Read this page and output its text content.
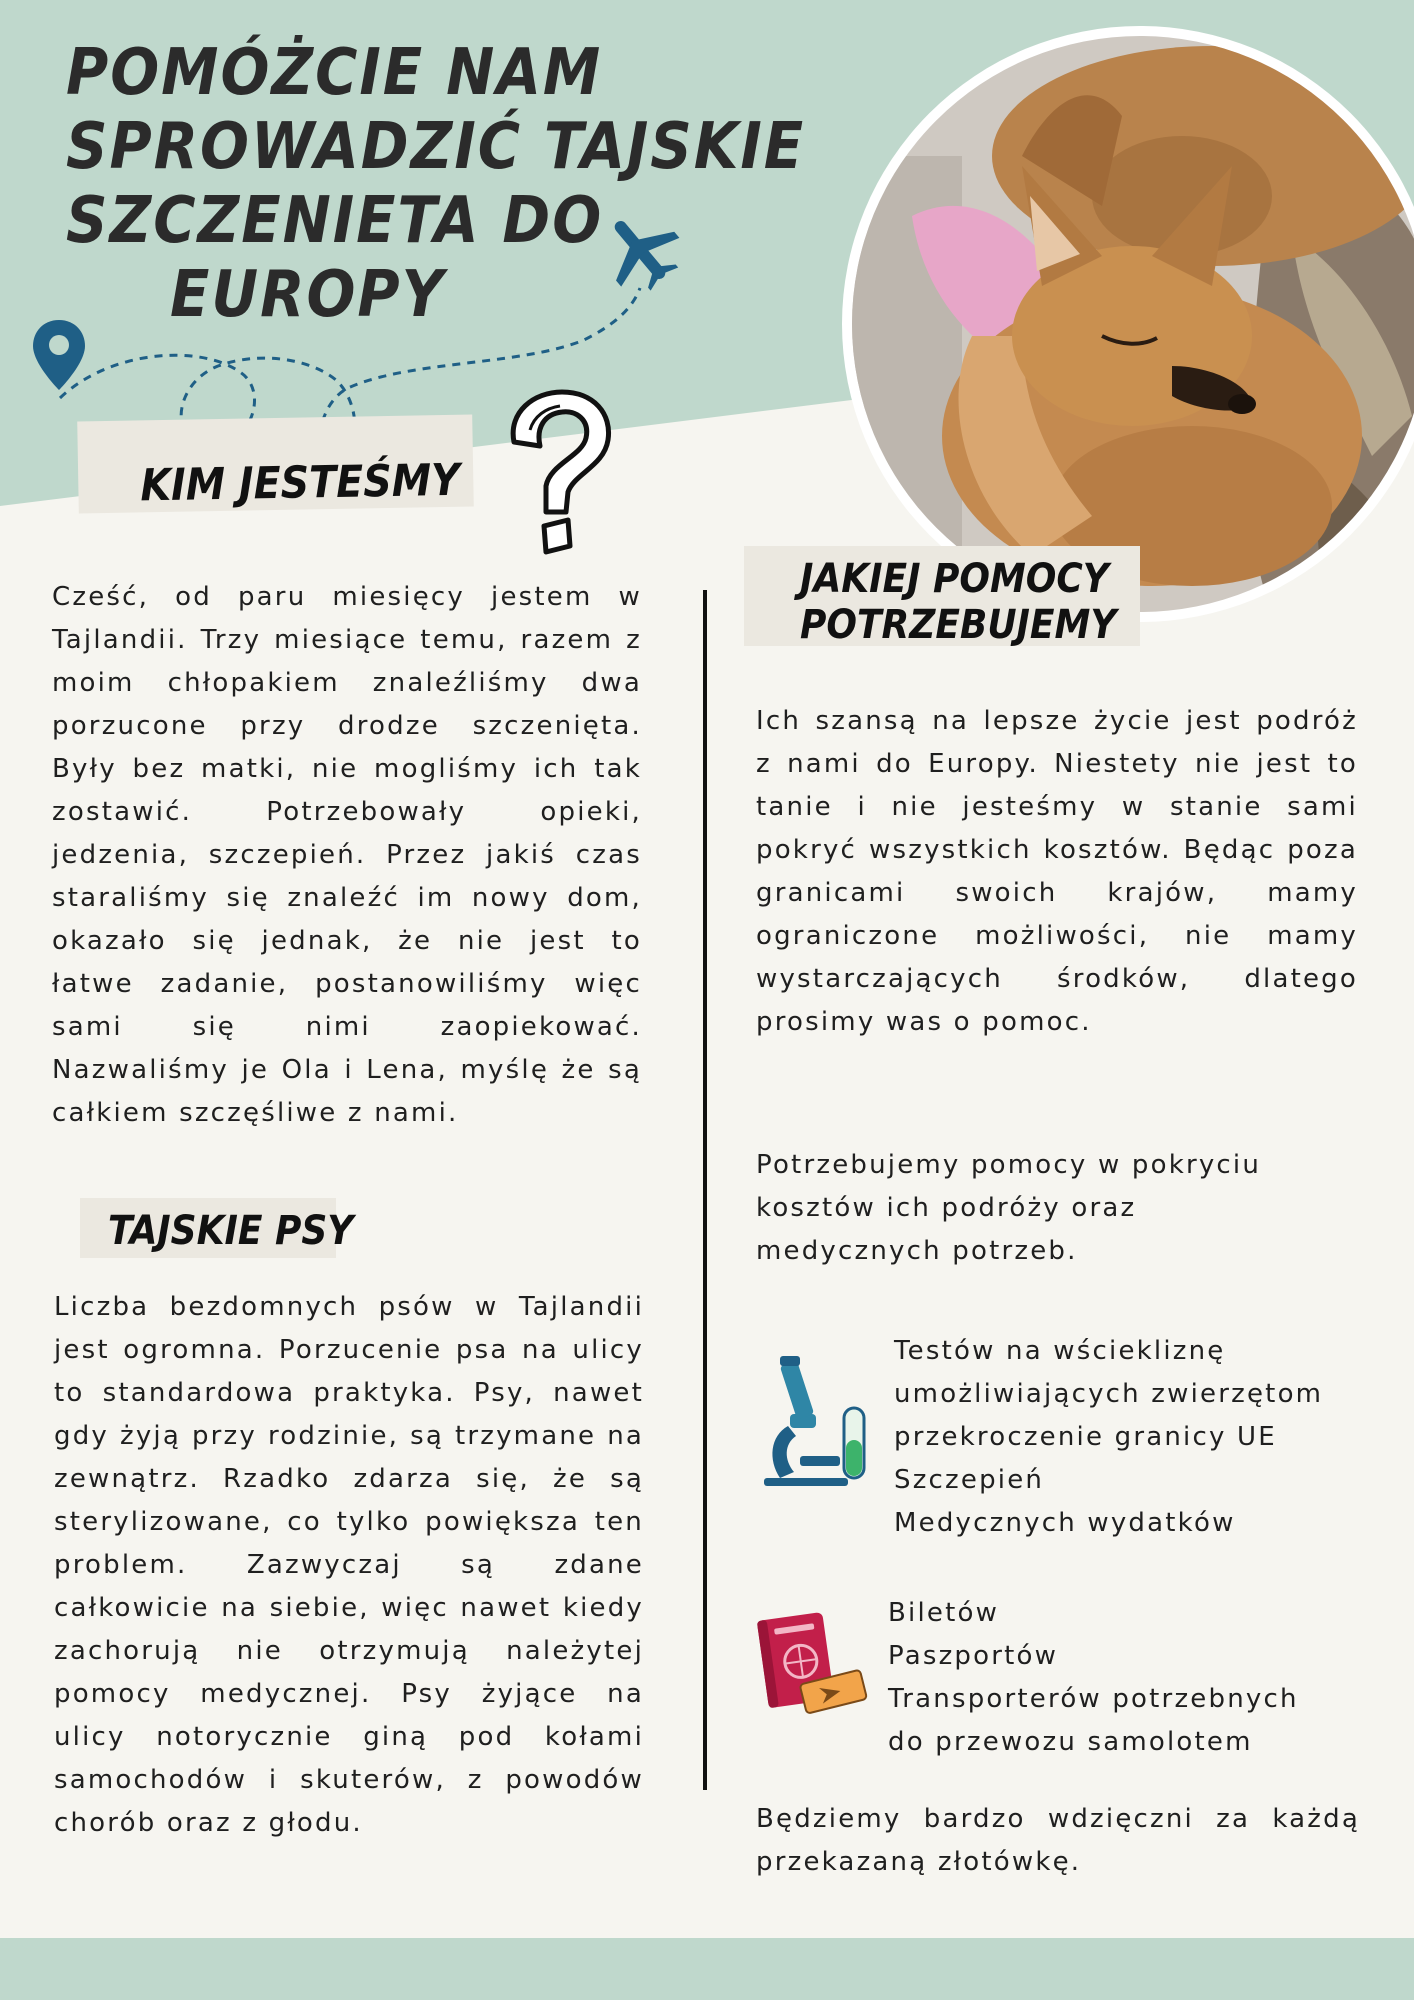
POMÓŻCIE NAM
SPROWADZIĆ TAJSKIE
SZCZENIETA DO
EUROPY
KIM JESTEŚMY

Cześć, od paru miesięcy jestem w Tajlandii. Trzy miesiące temu, razem z moim chłopakiem znaleźliśmy dwa porzucone przy drodze szczenięta. Były bez matki, nie mogliśmy ich tak zostawić. Potrzebowały opieki, jedzenia, szczepień. Przez jakiś czas staraliśmy się znaleźć im nowy dom, okazało się jednak, że nie jest to łatwe zadanie, postanowiliśmy więc sami się nimi zaopiekować. Nazwaliśmy je Ola i Lena, myślę że są całkiem szczęśliwe z nami.

TAJSKIE PSY

Liczba bezdomnych psów w Tajlandii jest ogromna. Porzucenie psa na ulicy to standardowa praktyka. Psy, nawet gdy żyją przy rodzinie, są trzymane na zewnątrz. Rzadko zdarza się, że są sterylizowane, co tylko powiększa ten problem. Zazwyczaj są zdane całkowicie na siebie, więc nawet kiedy zachorują nie otrzymują należytej pomocy medycznej. Psy żyjące na ulicy notorycznie giną pod kołami samochodów i skuterów, z powodów chorób oraz z głodu.

JAKIEJ POMOCY
POTRZEBUJEMY

Ich szansą na lepsze życie jest podróż z nami do Europy. Niestety nie jest to tanie i nie jesteśmy w stanie sami pokryć wszystkich kosztów. Będąc poza granicami swoich krajów, mamy ograniczone możliwości, nie mamy wystarczających środków, dlatego prosimy was o pomoc.

Potrzebujemy pomocy w pokryciu kosztów ich podróży oraz medycznych potrzeb.

Testów na wściekliznę
umożliwiających zwierzętom
przekroczenie granicy UE
Szczepień
Medycznych wydatków
Biletów
Paszportów
Transporterów potrzebnych
do przewozu samolotem

Będziemy bardzo wdzięczni za każdą przekazaną złotówkę.
